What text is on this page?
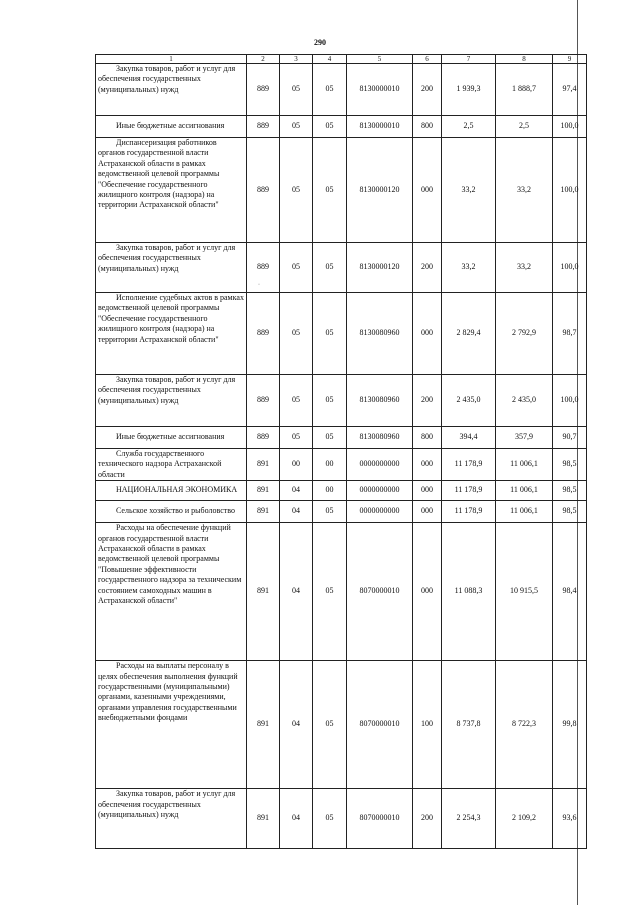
290
1	2	3	4	5	6	7	8	9
Закупка товаров, работ и услуг для обеспечения государственных (муниципальных) нужд	889	05	05	8130000010	200	1 939,3	1 888,7	97,4
Иные бюджетные ассигнования	889	05	05	8130000010	800	2,5	2,5	100,0
Диспансеризация работников органов государственной власти Астраханской области в рамках ведомственной целевой программы "Обеспечение государственного жилищного контроля (надзора) на территории Астраханской области"	889	05	05	8130000120	000	33,2	33,2	100,0
Закупка товаров, работ и услуг для обеспечения государственных (муниципальных) нужд	889	05	05	8130000120	200	33,2	33,2	100,0
Исполнение судебных актов в рамках ведомственной целевой программы "Обеспечение государственного жилищного контроля (надзора) на территории Астраханской области"	889	05	05	8130080960	000	2 829,4	2 792,9	98,7
Закупка товаров, работ и услуг для обеспечения государственных (муниципальных) нужд	889	05	05	8130080960	200	2 435,0	2 435,0	100,0
Иные бюджетные ассигнования	889	05	05	8130080960	800	394,4	357,9	90,7
Служба государственного технического надзора Астраханской области	891	00	00	0000000000	000	11 178,9	11 006,1	98,5
НАЦИОНАЛЬНАЯ ЭКОНОМИКА	891	04	00	0000000000	000	11 178,9	11 006,1	98,5
Сельское хозяйство и рыболовство	891	04	05	0000000000	000	11 178,9	11 006,1	98,5
Расходы на обеспечение функций органов государственной власти Астраханской области в рамках ведомственной целевой программы "Повышение эффективности государственного надзора за техническим состоянием самоходных машин в Астраханской области"	891	04	05	8070000010	000	11 088,3	10 915,5	98,4
Расходы на выплаты персоналу в целях обеспечения выполнения функций государственными (муниципальными) органами, казенными учреждениями, органами управления государственными внебюджетными фондами	891	04	05	8070000010	100	8 737,8	8 722,3	99,8
Закупка товаров, работ и услуг для обеспечения государственных (муниципальных) нужд	891	04	05	8070000010	200	2 254,3	2 109,2	93,6
·
